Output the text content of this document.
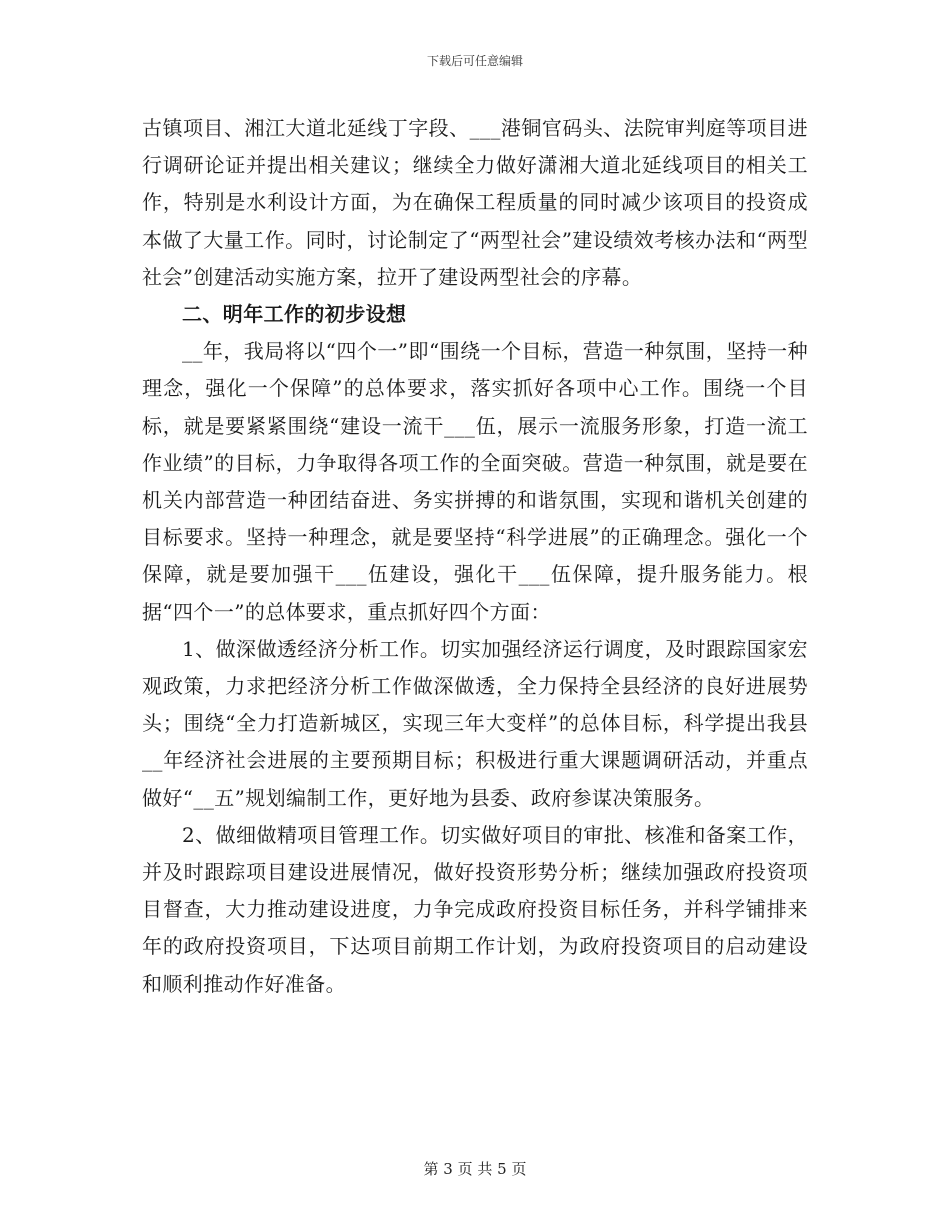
下载后可任意编辑

古镇项目、湘江大道北延线丁字段、___港铜官码头、法院审判庭等项目进行调研论证并提出相关建议；继续全力做好潇湘大道北延线项目的相关工作，特别是水利设计方面，为在确保工程质量的同时减少该项目的投资成本做了大量工作。同时，讨论制定了“两型社会”建设绩效考核办法和“两型社会”创建活动实施方案，拉开了建设两型社会的序幕。

二、明年工作的初步设想

__年，我局将以“四个一”即“围绕一个目标，营造一种氛围，坚持一种理念，强化一个保障”的总体要求，落实抓好各项中心工作。围绕一个目标，就是要紧紧围绕“建设一流干___伍，展示一流服务形象，打造一流工作业绩”的目标，力争取得各项工作的全面突破。营造一种氛围，就是要在机关内部营造一种团结奋进、务实拼搏的和谐氛围，实现和谐机关创建的目标要求。坚持一种理念，就是要坚持“科学进展”的正确理念。强化一个保障，就是要加强干___伍建设，强化干___伍保障，提升服务能力。根据“四个一”的总体要求，重点抓好四个方面：

1、做深做透经济分析工作。切实加强经济运行调度，及时跟踪国家宏观政策，力求把经济分析工作做深做透，全力保持全县经济的良好进展势头；围绕“全力打造新城区，实现三年大变样”的总体目标，科学提出我县__年经济社会进展的主要预期目标；积极进行重大课题调研活动，并重点做好“__五”规划编制工作，更好地为县委、政府参谋决策服务。

2、做细做精项目管理工作。切实做好项目的审批、核准和备案工作，并及时跟踪项目建设进展情况，做好投资形势分析；继续加强政府投资项目督查，大力推动建设进度，力争完成政府投资目标任务，并科学铺排来年的政府投资项目，下达项目前期工作计划，为政府投资项目的启动建设和顺利推动作好准备。

第 3 页 共 5 页
